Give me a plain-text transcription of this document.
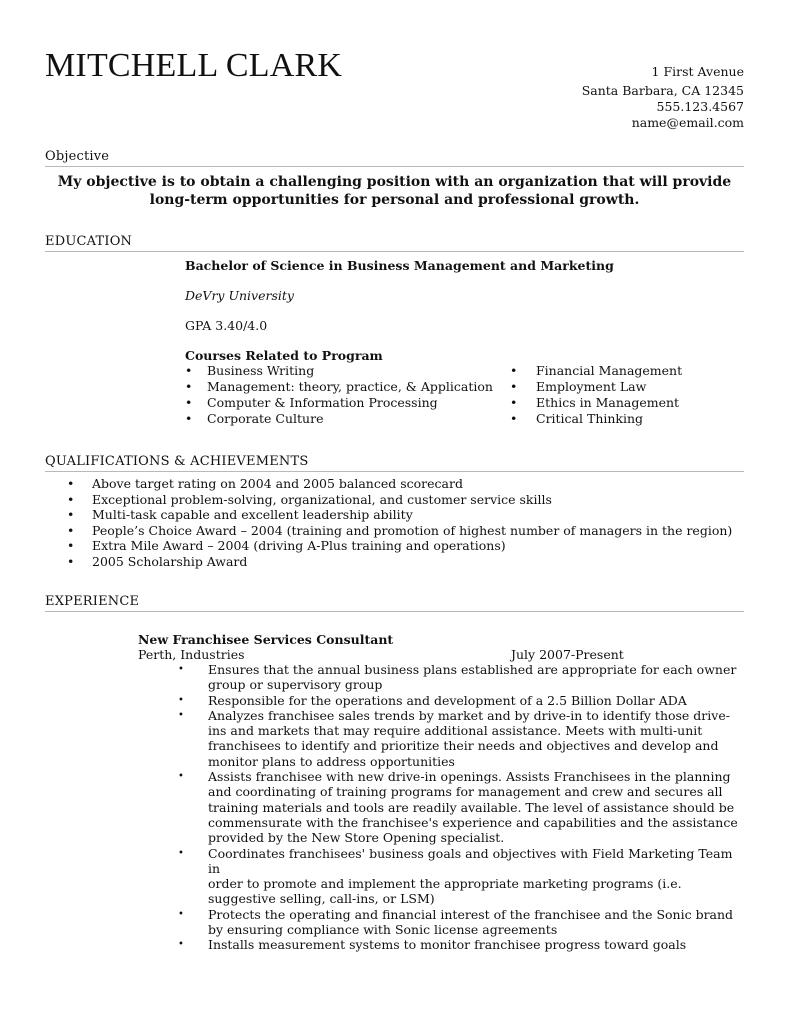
MITCHELL CLARK	1 First Avenue
Santa Barbara, CA 12345
555.123.4567
name@email.com
Objective
My objective is to obtain a challenging position with an organization that will provide
long-term opportunities for personal and professional growth.
EDUCATION
Bachelor of Science in Business Management and Marketing
DeVry University
GPA 3.40/4.0
Courses Related to Program
• Business Writing
• Management: theory, practice, & Application
• Computer & Information Processing
• Corporate Culture
• Financial Management
• Employment Law
• Ethics in Management
• Critical Thinking
QUALIFICATIONS & ACHIEVEMENTS
• Above target rating on 2004 and 2005 balanced scorecard
• Exceptional problem-solving, organizational, and customer service skills
• Multi-task capable and excellent leadership ability
• People’s Choice Award – 2004 (training and promotion of highest number of managers in the region)
• Extra Mile Award – 2004 (driving A-Plus training and operations)
• 2005 Scholarship Award
EXPERIENCE
New Franchisee Services Consultant
Perth, Industries	July 2007-Present
• Ensures that the annual business plans established are appropriate for each owner
group or supervisory group
• Responsible for the operations and development of a 2.5 Billion Dollar ADA
• Analyzes franchisee sales trends by market and by drive-in to identify those drive-
ins and markets that may require additional assistance. Meets with multi-unit
franchisees to identify and prioritize their needs and objectives and develop and
monitor plans to address opportunities
• Assists franchisee with new drive-in openings. Assists Franchisees in the planning
and coordinating of training programs for management and crew and secures all
training materials and tools are readily available. The level of assistance should be
commensurate with the franchisee's experience and capabilities and the assistance
provided by the New Store Opening specialist.
• Coordinates franchisees' business goals and objectives with Field Marketing Team in
order to promote and implement the appropriate marketing programs (i.e.
suggestive selling, call-ins, or LSM)
• Protects the operating and financial interest of the franchisee and the Sonic brand
by ensuring compliance with Sonic license agreements
• Installs measurement systems to monitor franchisee progress toward goals
